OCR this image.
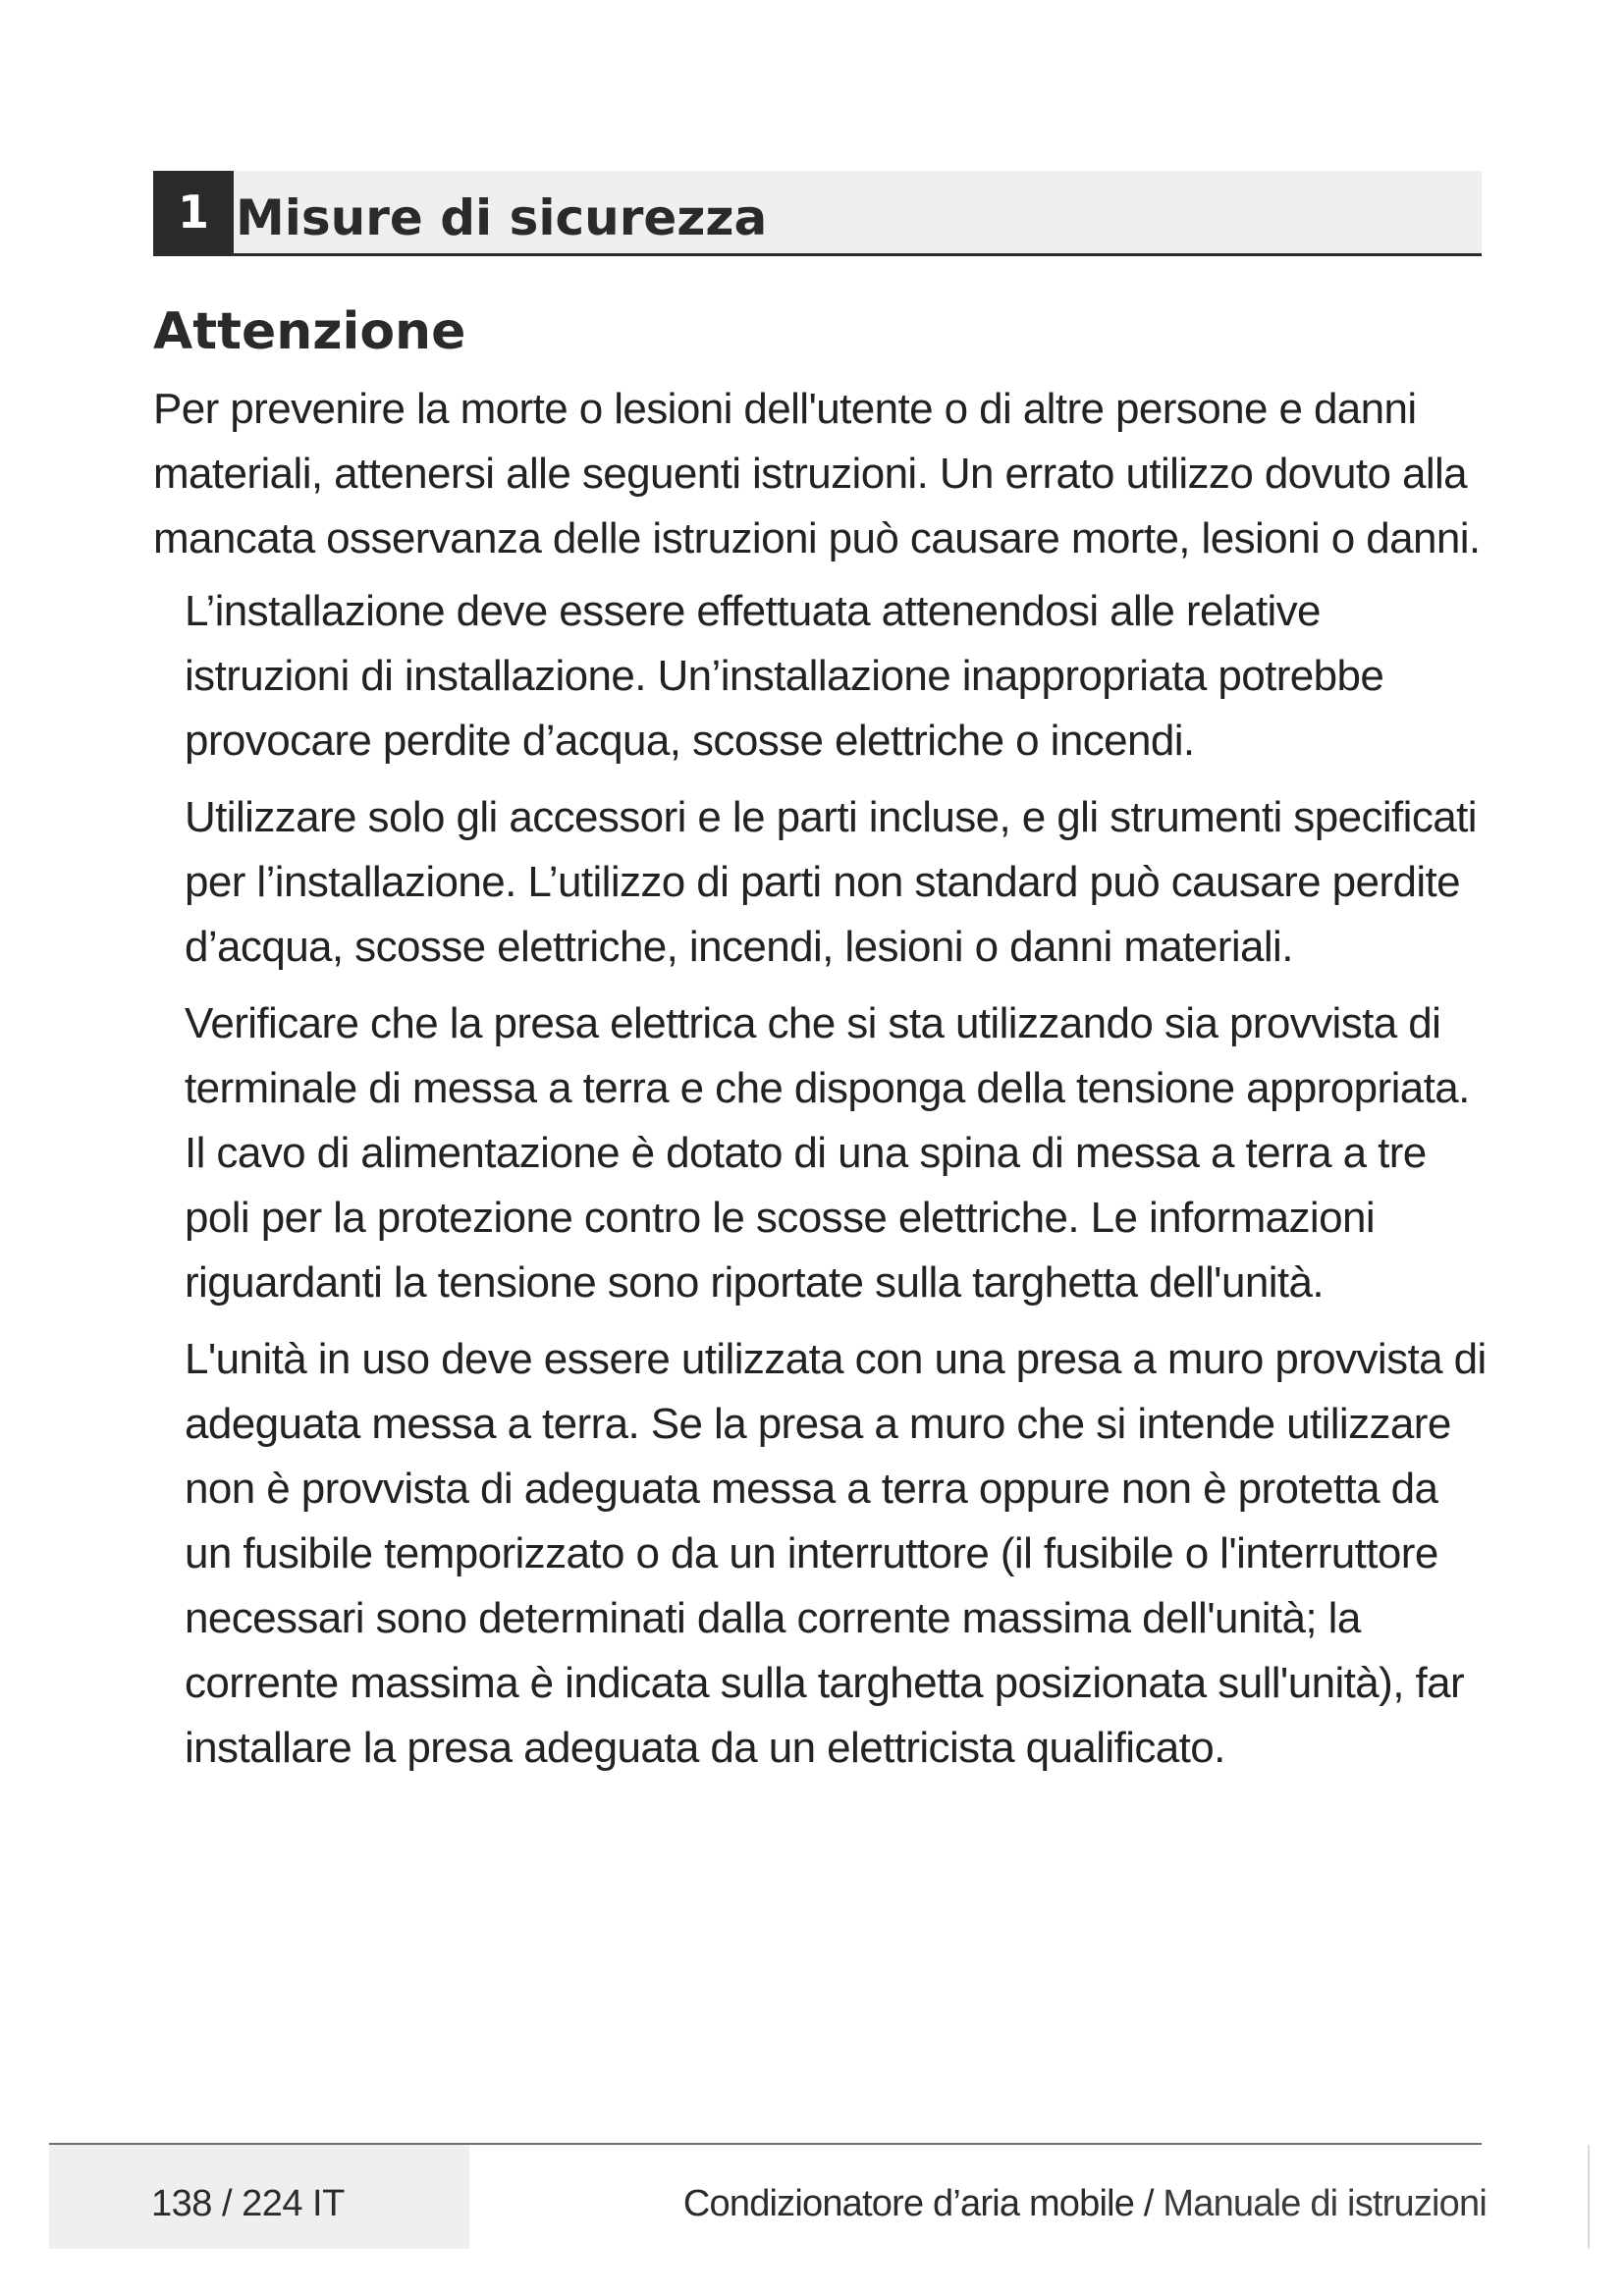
1 Misure di sicurezza
Attenzione

Per prevenire la morte o lesioni dell'utente o di altre persone e danni materiali, attenersi alle seguenti istruzioni. Un errato utilizzo dovuto alla mancata osservanza delle istruzioni può causare morte, lesioni o danni.

L’installazione deve essere effettuata attenendosi alle relative istruzioni di installazione. Un’installazione inappropriata potrebbe provocare perdite d’acqua, scosse elettriche o incendi.

Utilizzare solo gli accessori e le parti incluse, e gli strumenti specificati per l’installazione. L’utilizzo di parti non standard può causare perdite d’acqua, scosse elettriche, incendi, lesioni o danni materiali.

Verificare che la presa elettrica che si sta utilizzando sia provvista di terminale di messa a terra e che disponga della tensione appropriata. Il cavo di alimentazione è dotato di una spina di messa a terra a tre poli per la protezione contro le scosse elettriche. Le informazioni riguardanti la tensione sono riportate sulla targhetta dell'unità.

L'unità in uso deve essere utilizzata con una presa a muro provvista di adeguata messa a terra. Se la presa a muro che si intende utilizzare non è provvista di adeguata messa a terra oppure non è protetta da un fusibile temporizzato o da un interruttore (il fusibile o l'interruttore necessari sono determinati dalla corrente massima dell'unità; la corrente massima è indicata sulla targhetta posizionata sull'unità), far installare la presa adeguata da un elettricista qualificato.

138 / 224 IT	Condizionatore d’aria mobile / Manuale di istruzioni
